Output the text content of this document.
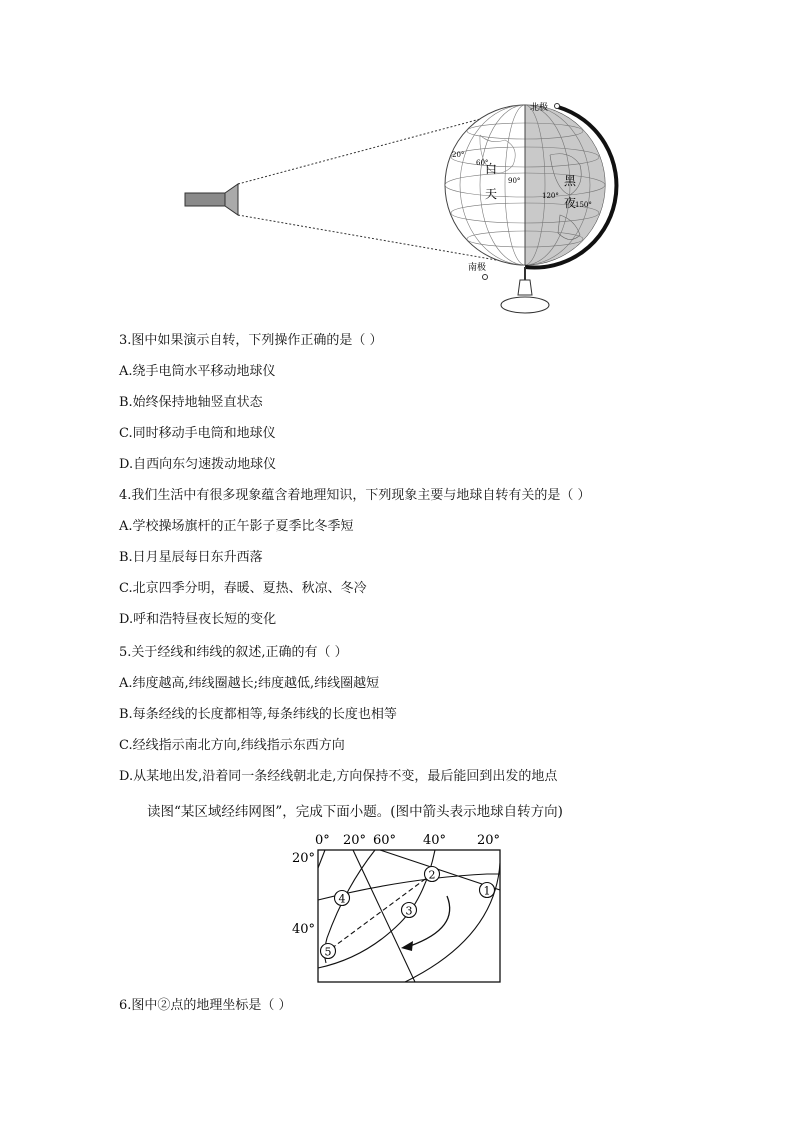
北极
南极
白
天
黑
夜
20°
60°
90°
120°
150°
3.图中如果演示自转，下列操作正确的是（ ）
A.绕手电筒水平移动地球仪
B.始终保持地轴竖直状态
C.同时移动手电筒和地球仪
D.自西向东匀速拨动地球仪
4.我们生活中有很多现象蕴含着地理知识，下列现象主要与地球自转有关的是（ ）
A.学校操场旗杆的正午影子夏季比冬季短
B.日月星辰每日东升西落
C.北京四季分明，春暖、夏热、秋凉、冬冷
D.呼和浩特昼夜长短的变化
5.关于经线和纬线的叙述,正确的有（ ）
A.纬度越高,纬线圈越长;纬度越低,纬线圈越短
B.每条经线的长度都相等,每条纬线的长度也相等
C.经线指示南北方向,纬线指示东西方向
D.从某地出发,沿着同一条经线朝北走,方向保持不变，最后能回到出发的地点
读图“某区域经纬网图”，完成下面小题。(图中箭头表示地球自转方向)
1
2
3
4
5
0° 20° 60° 40° 20°
20°
40°
6.图中②点的地理坐标是（ ）
